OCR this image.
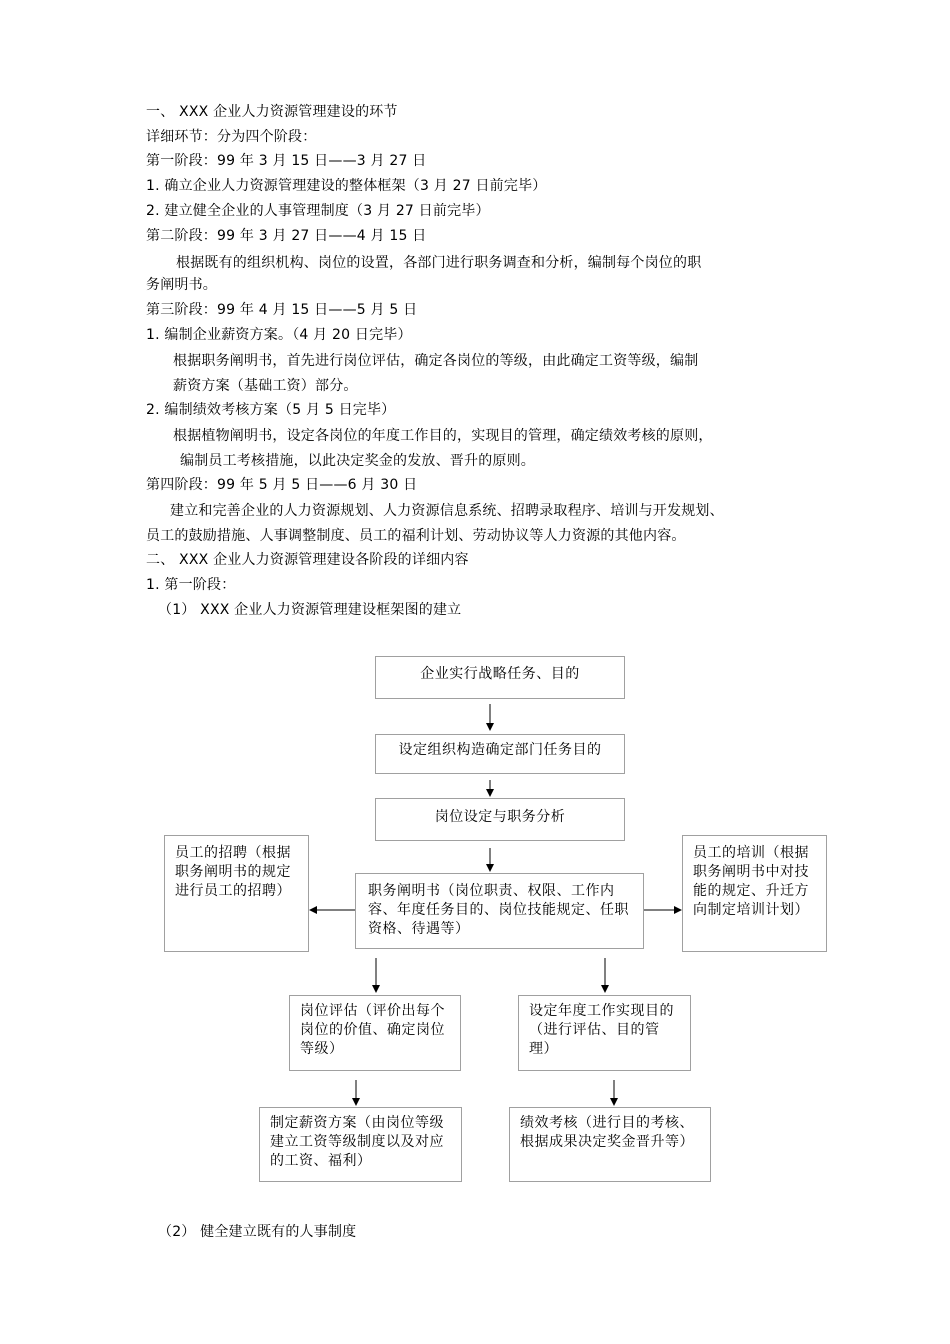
一、 XXX 企业人力资源管理建设的环节
详细环节：分为四个阶段：
第一阶段：99 年 3 月 15 日——3 月 27 日
1. 确立企业人力资源管理建设的整体框架（3 月 27 日前完毕）
2. 建立健全企业的人事管理制度（3 月 27 日前完毕）
第二阶段：99 年 3 月 27 日——4 月 15 日
根据既有的组织机构、岗位的设置，各部门进行职务调查和分析，编制每个岗位的职
务阐明书。
第三阶段：99 年 4 月 15 日——5 月 5 日
1. 编制企业薪资方案。（4 月 20 日完毕）
根据职务阐明书，首先进行岗位评估，确定各岗位的等级，由此确定工资等级，编制
薪资方案（基础工资）部分。
2. 编制绩效考核方案（5 月 5 日完毕）
根据植物阐明书，设定各岗位的年度工作目的，实现目的管理，确定绩效考核的原则，
编制员工考核措施，以此决定奖金的发放、晋升的原则。
第四阶段：99 年 5 月 5 日——6 月 30 日
建立和完善企业的人力资源规划、人力资源信息系统、招聘录取程序、培训与开发规划、
员工的鼓励措施、人事调整制度、员工的福利计划、劳动协议等人力资源的其他内容。
二、 XXX 企业人力资源管理建设各阶段的详细内容
1. 第一阶段：
（1） XXX 企业人力资源管理建设框架图的建立
企业实行战略任务、目的
设定组织构造确定部门任务目的
岗位设定与职务分析
职务阐明书（岗位职责、权限、工作内容、年度任务目的、岗位技能规定、任职资格、待遇等）
员工的招聘（根据职务阐明书的规定进行员工的招聘）
员工的培训（根据职务阐明书中对技能的规定、升迁方向制定培训计划）
岗位评估（评价出每个岗位的价值、确定岗位等级）
设定年度工作实现目的（进行评估、目的管理）
制定薪资方案（由岗位等级建立工资等级制度以及对应的工资、福利）
绩效考核（进行目的考核、根据成果决定奖金晋升等）
（2） 健全建立既有的人事制度
